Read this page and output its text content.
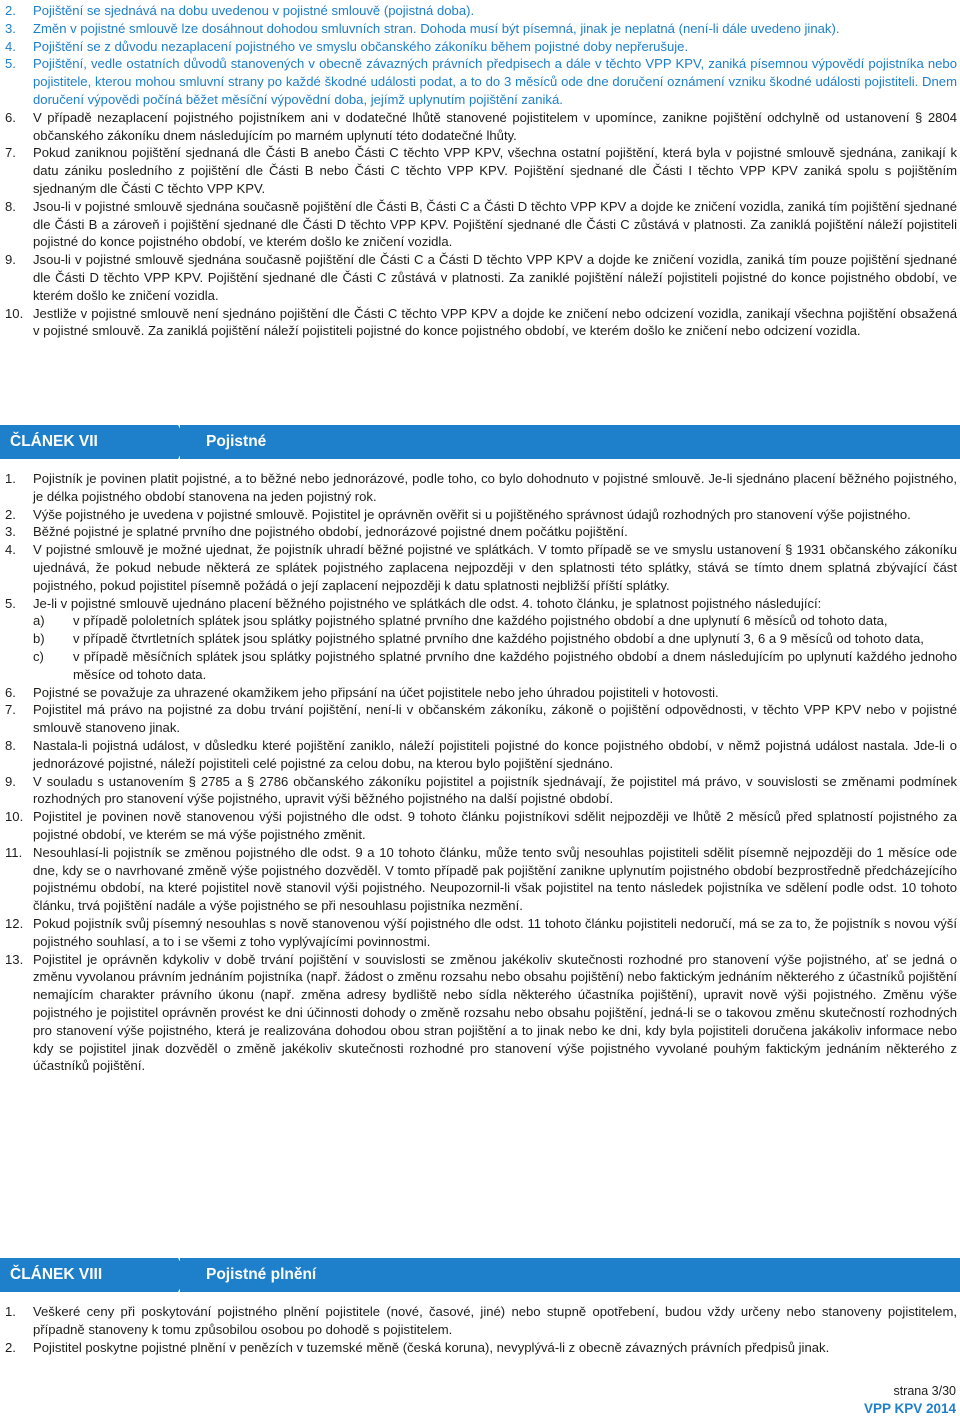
2. Pojištění se sjednává na dobu uvedenou v pojistné smlouvě (pojistná doba).
3. Změn v pojistné smlouvě lze dosáhnout dohodou smluvních stran. Dohoda musí být písemná, jinak je neplatná (není-li dále uvedeno jinak).
4. Pojištění se z důvodu nezaplacení pojistného ve smyslu občanského zákoníku během pojistné doby nepřerušuje.
5. Pojištění, vedle ostatních důvodů stanovených v obecně závazných právních předpisech a dále v těchto VPP KPV, zaniká písemnou výpovědí pojistníka nebo pojistitele, kterou mohou smluvní strany po každé škodné události podat, a to do 3 měsíců ode dne doručení oznámení vzniku škodné události pojistiteli. Dnem doručení výpovědi počíná běžet měsíční výpovědní doba, jejímž uplynutím pojištění zaniká.
6. V případě nezaplacení pojistného pojistníkem ani v dodatečné lhůtě stanovené pojistitelem v upomínce, zanikne pojištění odchylně od ustanovení § 2804 občanského zákoníku dnem následujícím po marném uplynutí této dodatečné lhůty.
7. Pokud zaniknou pojištění sjednaná dle Části B anebo Části C těchto VPP KPV, všechna ostatní pojištění, která byla v pojistné smlouvě sjednána, zanikají k datu zániku posledního z pojištění dle Části B nebo Části C těchto VPP KPV. Pojištění sjednané dle Části I těchto VPP KPV zaniká spolu s pojištěním sjednaným dle Části C těchto VPP KPV.
8. Jsou-li v pojistné smlouvě sjednána současně pojištění dle Části B, Části C a Části D těchto VPP KPV a dojde ke zničení vozidla, zaniká tím pojištění sjednané dle Části B a zároveň i pojištění sjednané dle Části D těchto VPP KPV. Pojištění sjednané dle Části C zůstává v platnosti. Za zaniklá pojištění náleží pojistiteli pojistné do konce pojistného období, ve kterém došlo ke zničení vozidla.
9. Jsou-li v pojistné smlouvě sjednána současně pojištění dle Části C a Části D těchto VPP KPV a dojde ke zničení vozidla, zaniká tím pouze pojištění sjednané dle Části D těchto VPP KPV. Pojištění sjednané dle Části C zůstává v platnosti. Za zaniklé pojištění náleží pojistiteli pojistné do konce pojistného období, ve kterém došlo ke zničení vozidla.
10. Jestliže v pojistné smlouvě není sjednáno pojištění dle Části C těchto VPP KPV a dojde ke zničení nebo odcizení vozidla, zanikají všechna pojištění obsažená v pojistné smlouvě. Za zaniklá pojištění náleží pojistiteli pojistné do konce pojistného období, ve kterém došlo ke zničení nebo odcizení vozidla.
ČLÁNEK VII	Pojistné
1. Pojistník je povinen platit pojistné, a to běžné nebo jednorázové, podle toho, co bylo dohodnuto v pojistné smlouvě. Je-li sjednáno placení běžného pojistného, je délka pojistného období stanovena na jeden pojistný rok.
2. Výše pojistného je uvedena v pojistné smlouvě. Pojistitel je oprávněn ověřit si u pojištěného správnost údajů rozhodných pro stanovení výše pojistného.
3. Běžné pojistné je splatné prvního dne pojistného období, jednorázové pojistné dnem počátku pojištění.
4. V pojistné smlouvě je možné ujednat, že pojistník uhradí běžné pojistné ve splátkách. V tomto případě se ve smyslu ustanovení § 1931 občanského zákoníku ujednává, že pokud nebude některá ze splátek pojistného zaplacena nejpozději v den splatnosti této splátky, stává se tímto dnem splatná zbývající část pojistného, pokud pojistitel písemně požádá o její zaplacení nejpozději k datu splatnosti nejbližší příští splátky.
5. Je-li v pojistné smlouvě ujednáno placení běžného pojistného ve splátkách dle odst. 4. tohoto článku, je splatnost pojistného následující:
a) v případě pololetních splátek jsou splátky pojistného splatné prvního dne každého pojistného období a dne uplynutí 6 měsíců od tohoto data,
b) v případě čtvrtletních splátek jsou splátky pojistného splatné prvního dne každého pojistného období a dne uplynutí 3, 6 a 9 měsíců od tohoto data,
c) v případě měsíčních splátek jsou splátky pojistného splatné prvního dne každého pojistného období a dnem následujícím po uplynutí každého jednoho měsíce od tohoto data.
6. Pojistné se považuje za uhrazené okamžikem jeho připsání na účet pojistitele nebo jeho úhradou pojistiteli v hotovosti.
7. Pojistitel má právo na pojistné za dobu trvání pojištění, není-li v občanském zákoníku, zákoně o pojištění odpovědnosti, v těchto VPP KPV nebo v pojistné smlouvě stanoveno jinak.
8. Nastala-li pojistná událost, v důsledku které pojištění zaniklo, náleží pojistiteli pojistné do konce pojistného období, v němž pojistná událost nastala. Jde-li o jednorázové pojistné, náleží pojistiteli celé pojistné za celou dobu, na kterou bylo pojištění sjednáno.
9. V souladu s ustanovením § 2785 a § 2786 občanského zákoníku pojistitel a pojistník sjednávají, že pojistitel má právo, v souvislosti se změnami podmínek rozhodných pro stanovení výše pojistného, upravit výši běžného pojistného na další pojistné období.
10. Pojistitel je povinen nově stanovenou výši pojistného dle odst. 9 tohoto článku pojistníkovi sdělit nejpozději ve lhůtě 2 měsíců před splatností pojistného za pojistné období, ve kterém se má výše pojistného změnit.
11. Nesouhlasí-li pojistník se změnou pojistného dle odst. 9 a 10 tohoto článku, může tento svůj nesouhlas pojistiteli sdělit písemně nejpozději do 1 měsíce ode dne, kdy se o navrhované změně výše pojistného dozvěděl. V tomto případě pak pojištění zanikne uplynutím pojistného období bezprostředně předcházejícího pojistnému období, na které pojistitel nově stanovil výši pojistného. Neupozornil-li však pojistitel na tento následek pojistníka ve sdělení podle odst. 10 tohoto článku, trvá pojištění nadále a výše pojistného se při nesouhlasu pojistníka nezmění.
12. Pokud pojistník svůj písemný nesouhlas s nově stanovenou výší pojistného dle odst. 11 tohoto článku pojistiteli nedoručí, má se za to, že pojistník s novou výší pojistného souhlasí, a to i se všemi z toho vyplývajícími povinnostmi.
13. Pojistitel je oprávněn kdykoliv v době trvání pojištění v souvislosti se změnou jakékoliv skutečnosti rozhodné pro stanovení výše pojistného, ať se jedná o změnu vyvolanou právním jednáním pojistníka (např. žádost o změnu rozsahu nebo obsahu pojištění) nebo faktickým jednáním některého z účastníků pojištění nemajícím charakter právního úkonu (např. změna adresy bydliště nebo sídla některého účastníka pojištění), upravit nově výši pojistného. Změnu výše pojistného je pojistitel oprávněn provést ke dni účinnosti dohody o změně rozsahu nebo obsahu pojištění, jedná-li se o takovou změnu skutečností rozhodných pro stanovení výše pojistného, která je realizována dohodou obou stran pojištění a to jinak nebo ke dni, kdy byla pojistiteli doručena jakákoliv informace nebo kdy se pojistitel jinak dozvěděl o změně jakékoliv skutečnosti rozhodné pro stanovení výše pojistného vyvolané pouhým faktickým jednáním některého z účastníků pojištění.
ČLÁNEK VIII	Pojistné plnění
1. Veškeré ceny při poskytování pojistného plnění pojistitele (nové, časové, jiné) nebo stupně opotřebení, budou vždy určeny nebo stanoveny pojistitelem, případně stanoveny k tomu způsobilou osobou po dohodě s pojistitelem.
2. Pojistitel poskytne pojistné plnění v penězích v tuzemské měně (česká koruna), nevyplývá-li z obecně závazných právních předpisů jinak.
strana 3/30
VPP KPV 2014
